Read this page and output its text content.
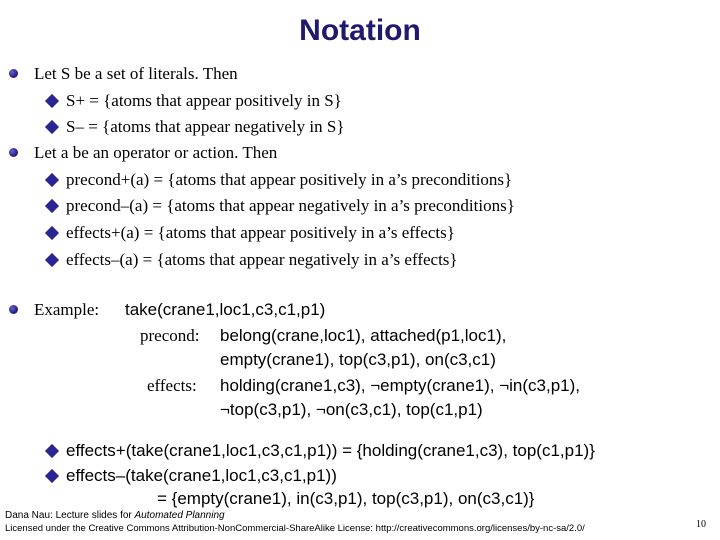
Notation
Let S be a set of literals. Then
S+ = {atoms that appear positively in S}
S– = {atoms that appear negatively in S}
Let a be an operator or action. Then
precond+(a) = {atoms that appear positively in a’s preconditions}
precond–(a) = {atoms that appear negatively in a’s preconditions}
effects+(a) = {atoms that appear positively in a’s effects}
effects–(a) = {atoms that appear negatively in a’s effects}
Example: take(crane1,loc1,c3,c1,p1)
precond: belong(crane,loc1), attached(p1,loc1),
empty(crane1), top(c3,p1), on(c3,c1)
effects: holding(crane1,c3), ¬empty(crane1), ¬in(c3,p1),
¬top(c3,p1), ¬on(c3,c1), top(c1,p1)
effects+(take(crane1,loc1,c3,c1,p1)) = {holding(crane1,c3), top(c1,p1)}
effects–(take(crane1,loc1,c3,c1,p1))
= {empty(crane1), in(c3,p1), top(c3,p1), on(c3,c1)}
Dana Nau: Lecture slides for Automated Planning
Licensed under the Creative Commons Attribution-NonCommercial-ShareAlike License: http://creativecommons.org/licenses/by-nc-sa/2.0/	10
